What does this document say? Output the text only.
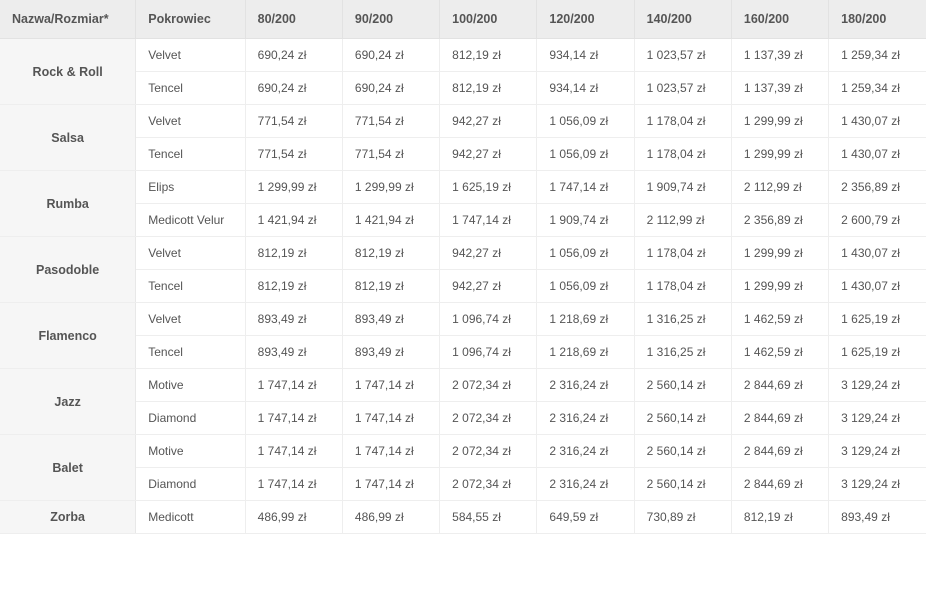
Nazwa/Rozmiar*	Pokrowiec	80/200	90/200	100/200	120/200	140/200	160/200	180/200
Rock & Roll	Velvet	690,24 zł	690,24 zł	812,19 zł	934,14 zł	1 023,57 zł	1 137,39 zł	1 259,34 zł
	Tencel	690,24 zł	690,24 zł	812,19 zł	934,14 zł	1 023,57 zł	1 137,39 zł	1 259,34 zł
Salsa	Velvet	771,54 zł	771,54 zł	942,27 zł	1 056,09 zł	1 178,04 zł	1 299,99 zł	1 430,07 zł
	Tencel	771,54 zł	771,54 zł	942,27 zł	1 056,09 zł	1 178,04 zł	1 299,99 zł	1 430,07 zł
Rumba	Elips	1 299,99 zł	1 299,99 zł	1 625,19 zł	1 747,14 zł	1 909,74 zł	2 112,99 zł	2 356,89 zł
	Medicott Velur	1 421,94 zł	1 421,94 zł	1 747,14 zł	1 909,74 zł	2 112,99 zł	2 356,89 zł	2 600,79 zł
Pasodoble	Velvet	812,19 zł	812,19 zł	942,27 zł	1 056,09 zł	1 178,04 zł	1 299,99 zł	1 430,07 zł
	Tencel	812,19 zł	812,19 zł	942,27 zł	1 056,09 zł	1 178,04 zł	1 299,99 zł	1 430,07 zł
Flamenco	Velvet	893,49 zł	893,49 zł	1 096,74 zł	1 218,69 zł	1 316,25 zł	1 462,59 zł	1 625,19 zł
	Tencel	893,49 zł	893,49 zł	1 096,74 zł	1 218,69 zł	1 316,25 zł	1 462,59 zł	1 625,19 zł
Jazz	Motive	1 747,14 zł	1 747,14 zł	2 072,34 zł	2 316,24 zł	2 560,14 zł	2 844,69 zł	3 129,24 zł
	Diamond	1 747,14 zł	1 747,14 zł	2 072,34 zł	2 316,24 zł	2 560,14 zł	2 844,69 zł	3 129,24 zł
Balet	Motive	1 747,14 zł	1 747,14 zł	2 072,34 zł	2 316,24 zł	2 560,14 zł	2 844,69 zł	3 129,24 zł
	Diamond	1 747,14 zł	1 747,14 zł	2 072,34 zł	2 316,24 zł	2 560,14 zł	2 844,69 zł	3 129,24 zł
Zorba	Medicott	486,99 zł	486,99 zł	584,55 zł	649,59 zł	730,89 zł	812,19 zł	893,49 zł
